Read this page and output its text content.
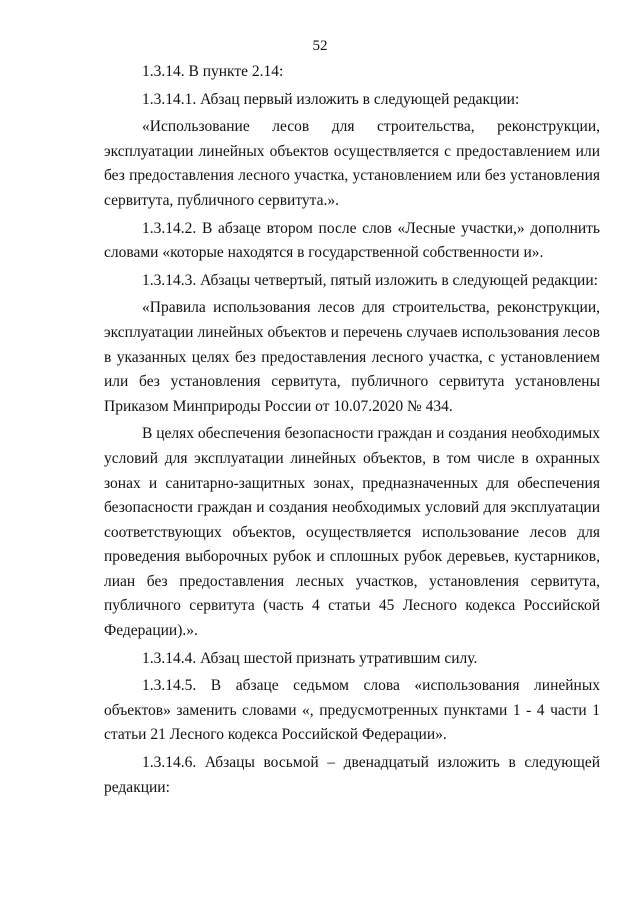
52

1.3.14. В пункте 2.14:

1.3.14.1. Абзац первый изложить в следующей редакции:

«Использование лесов для строительства, реконструкции, эксплуатации линейных объектов осуществляется с предоставлением или без предоставления лесного участка, установлением или без установления сервитута, публичного сервитута.».

1.3.14.2. В абзаце втором после слов «Лесные участки,» дополнить словами «которые находятся в государственной собственности и».

1.3.14.3. Абзацы четвертый, пятый изложить в следующей редакции:

«Правила использования лесов для строительства, реконструкции, эксплуатации линейных объектов и перечень случаев использования лесов в указанных целях без предоставления лесного участка, с установлением или без установления сервитута, публичного сервитута установлены Приказом Минприроды России от 10.07.2020 № 434.

В целях обеспечения безопасности граждан и создания необходимых условий для эксплуатации линейных объектов, в том числе в охранных зонах и санитарно-защитных зонах, предназначенных для обеспечения безопасности граждан и создания необходимых условий для эксплуатации соответствующих объектов, осуществляется использование лесов для проведения выборочных рубок и сплошных рубок деревьев, кустарников, лиан без предоставления лесных участков, установления сервитута, публичного сервитута (часть 4 статьи 45 Лесного кодекса Российской Федерации).».

1.3.14.4. Абзац шестой признать утратившим силу.

1.3.14.5. В абзаце седьмом слова «использования линейных объектов» заменить словами «, предусмотренных пунктами 1 - 4 части 1 статьи 21 Лесного кодекса Российской Федерации».

1.3.14.6. Абзацы восьмой – двенадцатый изложить в следующей редакции:
